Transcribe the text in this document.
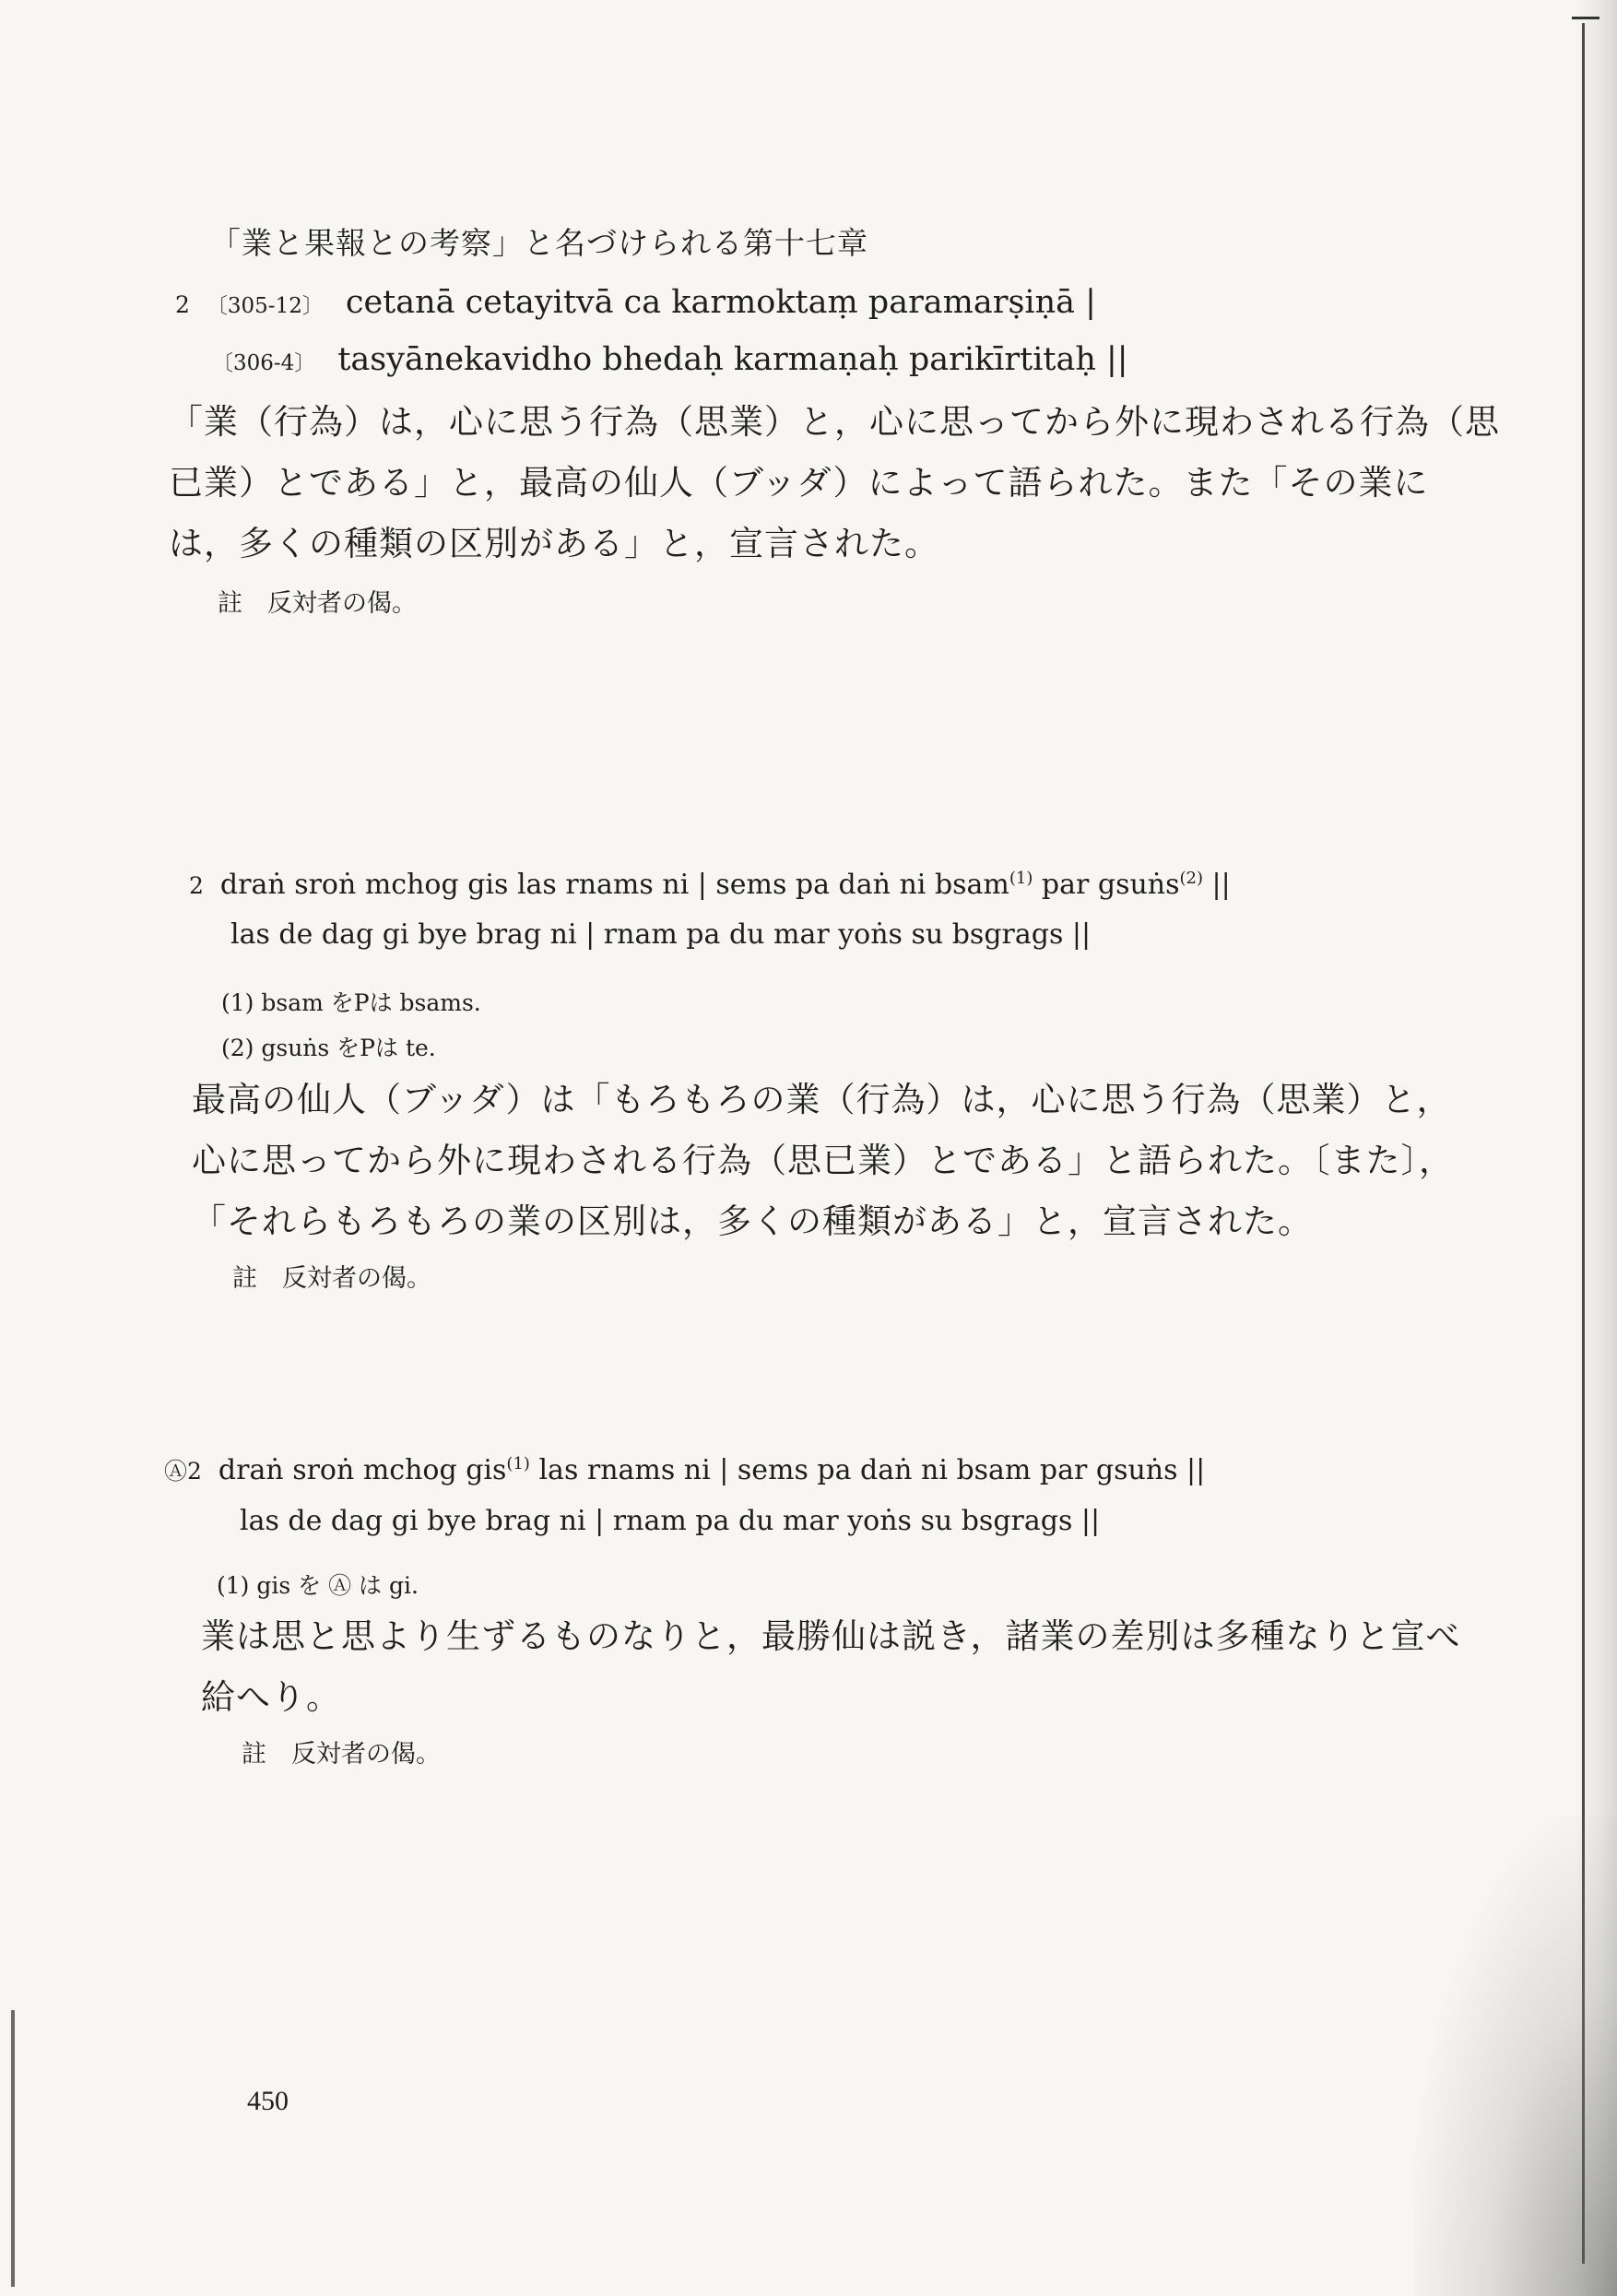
「業と果報との考察」と名づけられる第十七章
2 〔305-12〕 cetanā cetayitvā ca karmoktaṃ paramarṣiṇā |
〔306-4〕 tasyānekavidho bhedaḥ karmaṇaḥ parikīrtitaḥ ||
「業（行為）は，心に思う行為（思業）と，心に思ってから外に現わされる行為（思
已業）とである」と，最高の仙人（ブッダ）によって語られた。また「その業に
は，多くの種類の区別がある」と，宣言された。
註　反対者の偈。
2 draṅ sroṅ mchog gis las rnams ni | sems pa daṅ ni bsam$^{(1)}$ par gsuṅs$^{(2)}$ ||
las de dag gi bye brag ni | rnam pa du mar yoṅs su bsgrags ||
(1) bsam をPは bsams.
(2) gsuṅs をPは te.
最高の仙人（ブッダ）は「もろもろの業（行為）は，心に思う行為（思業）と，
心に思ってから外に現わされる行為（思已業）とである」と語られた。〔また〕，
「それらもろもろの業の区別は，多くの種類がある」と，宣言された。
註　反対者の偈。
Ⓐ2 draṅ sroṅ mchog gis$^{(1)}$ las rnams ni | sems pa daṅ ni bsam par gsuṅs ||
las de dag gi bye brag ni | rnam pa du mar yoṅs su bsgrags ||
(1) gis を Ⓐ は gi.
業は思と思より生ずるものなりと，最勝仙は説き，諸業の差別は多種なりと宣べ
給へり。
註　反対者の偈。
450
